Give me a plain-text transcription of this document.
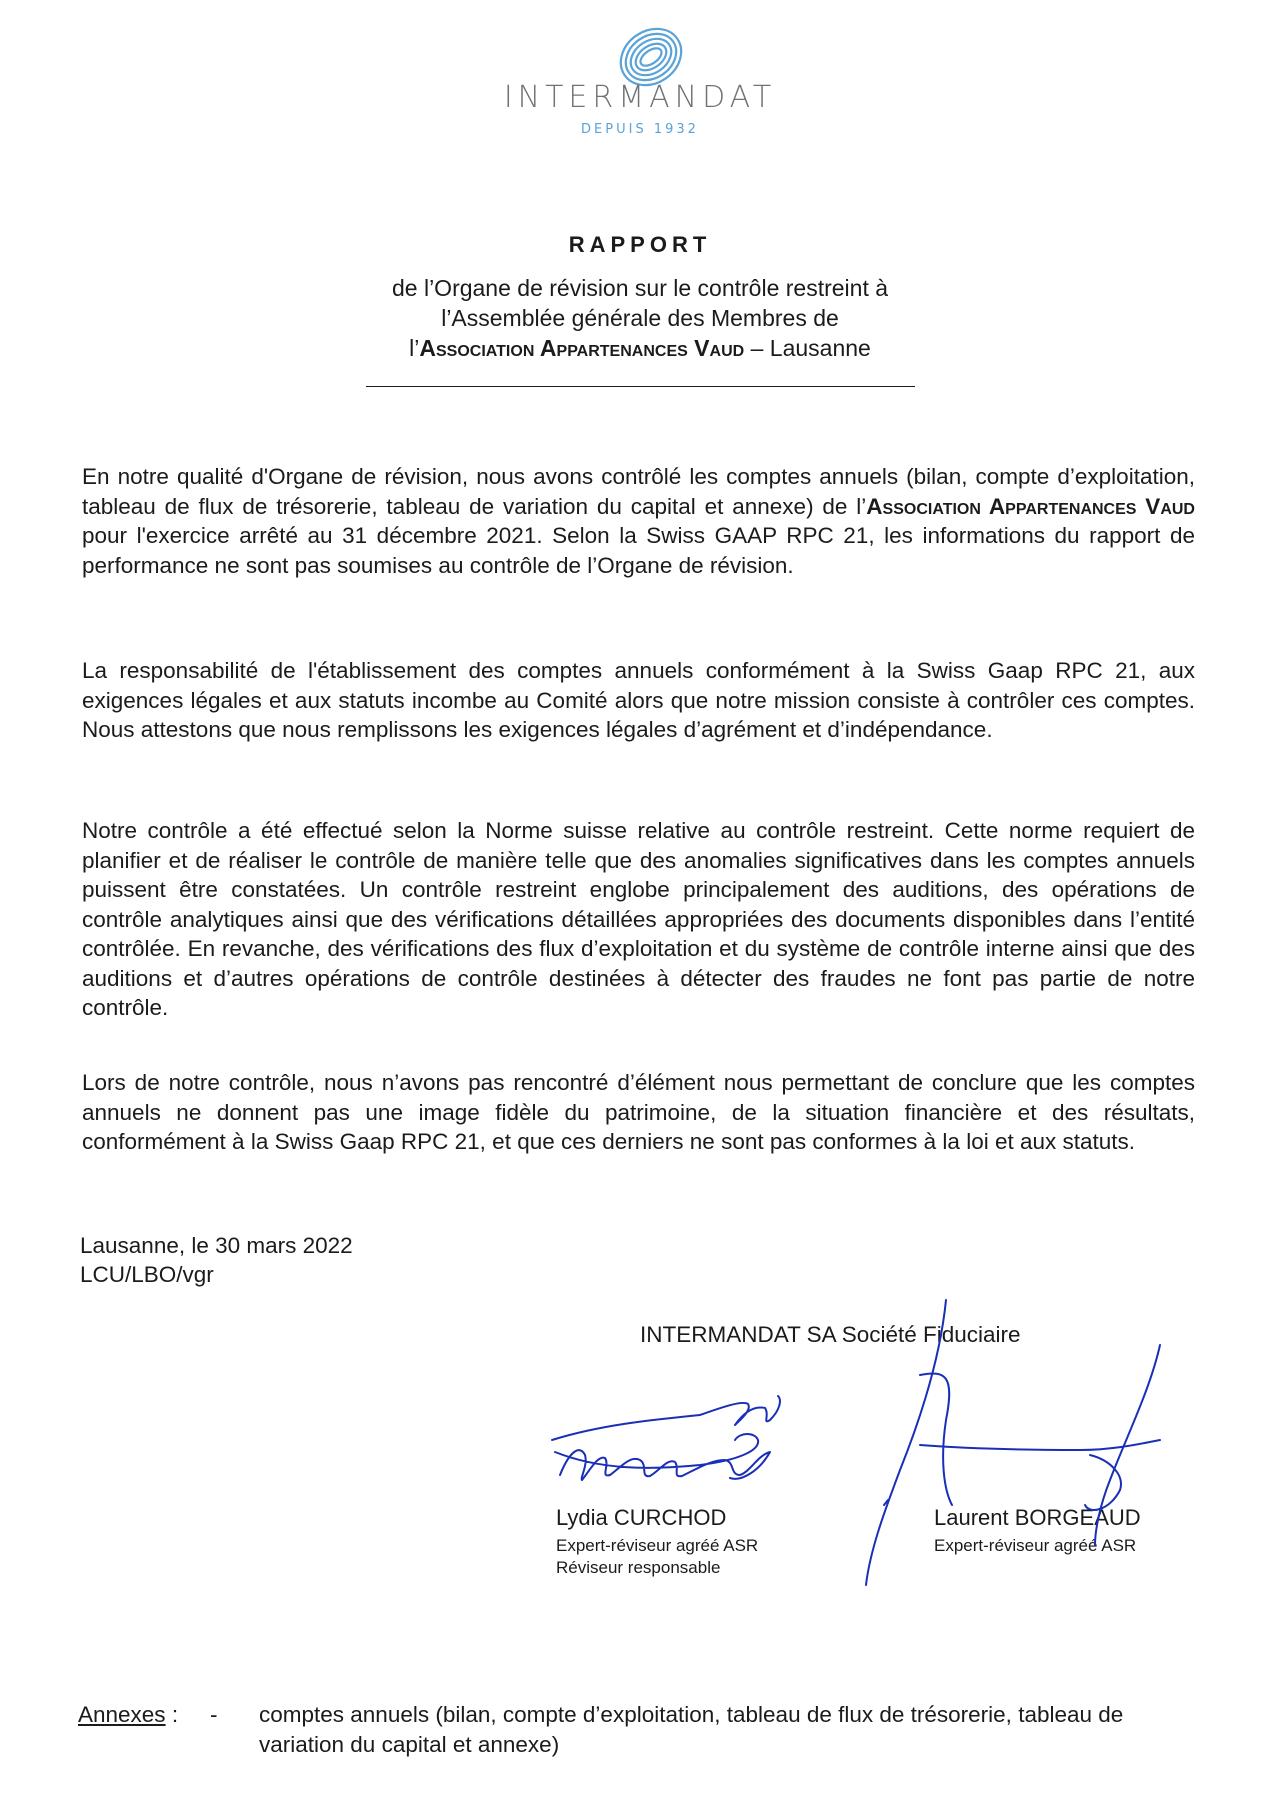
INTERMANDAT
DEPUIS 1932
RAPPORT
de l’Organe de révision sur le contrôle restreint à
l’Assemblée générale des Membres de
l’Association Appartenances Vaud – Lausanne
En notre qualité d'Organe de révision, nous avons contrôlé les comptes annuels (bilan, compte d’exploitation, tableau de flux de trésorerie, tableau de variation du capital et annexe) de l’Association Appartenances Vaud pour l'exercice arrêté au 31 décembre 2021. Selon la Swiss GAAP RPC 21, les informations du rapport de performance ne sont pas soumises au contrôle de l’Organe de révision.
La responsabilité de l'établissement des comptes annuels conformément à la Swiss Gaap RPC 21, aux exigences légales et aux statuts incombe au Comité alors que notre mission consiste à contrôler ces comptes. Nous attestons que nous remplissons les exigences légales d’agrément et d’indépendance.
Notre contrôle a été effectué selon la Norme suisse relative au contrôle restreint. Cette norme requiert de planifier et de réaliser le contrôle de manière telle que des anomalies significatives dans les comptes annuels puissent être constatées. Un contrôle restreint englobe principalement des auditions, des opérations de contrôle analytiques ainsi que des vérifications détaillées appropriées des documents disponibles dans l’entité contrôlée. En revanche, des vérifications des flux d’exploitation et du système de contrôle interne ainsi que des auditions et d’autres opérations de contrôle destinées à détecter des fraudes ne font pas partie de notre contrôle.
Lors de notre contrôle, nous n’avons pas rencontré d’élément nous permettant de conclure que les comptes annuels ne donnent pas une image fidèle du patrimoine, de la situation financière et des résultats, conformément à la Swiss Gaap RPC 21, et que ces derniers ne sont pas conformes à la loi et aux statuts.
Lausanne, le 30 mars 2022
LCU/LBO/vgr
INTERMANDAT SA Société Fiduciaire
Lydia CURCHOD
Expert-réviseur agréé ASR
Réviseur responsable
Laurent BORGEAUD
Expert-réviseur agréé ASR
Annexes : - comptes annuels (bilan, compte d’exploitation, tableau de flux de trésorerie, tableau de variation du capital et annexe)
